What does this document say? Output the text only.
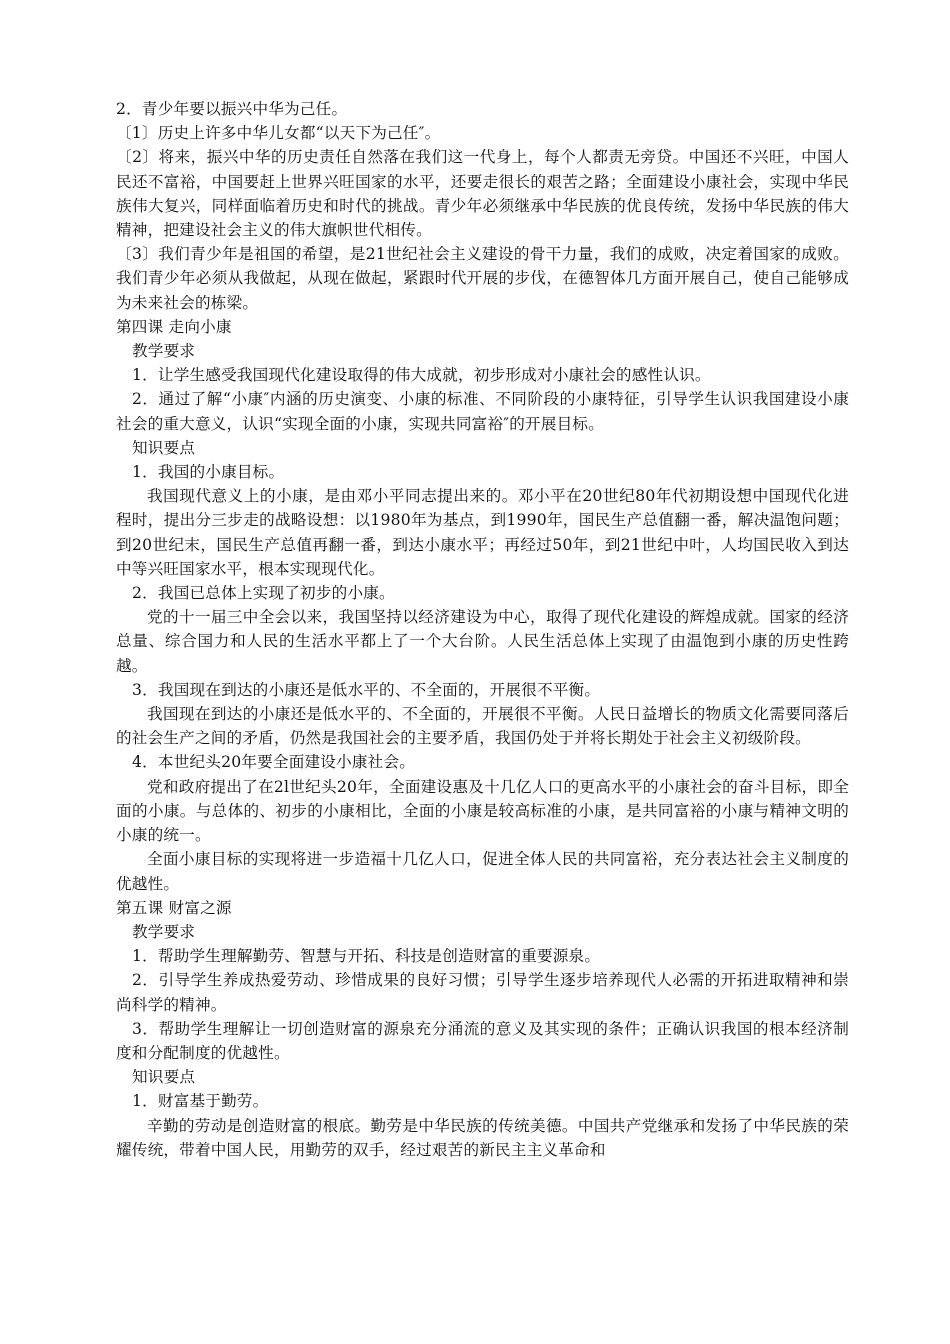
2．青少年要以振兴中华为己任。

〔1〕历史上许多中华儿女都“以天下为己任″。

〔2〕将来，振兴中华的历史责任自然落在我们这一代身上，每个人都责无旁贷。中国还不兴旺，中国人民还不富裕，中国要赶上世界兴旺国家的水平，还要走很长的艰苦之路；全面建设小康社会，实现中华民族伟大复兴，同样面临着历史和时代的挑战。青少年必须继承中华民族的优良传统，发扬中华民族的伟大精神，把建设社会主义的伟大旗帜世代相传。

〔3〕我们青少年是祖国的希望，是21世纪社会主义建设的骨干力量，我们的成败，决定着国家的成败。我们青少年必须从我做起，从现在做起，紧跟时代开展的步伐，在德智体几方面开展自己，使自己能够成为未来社会的栋梁。

第四课 走向小康

教学要求

1．让学生感受我国现代化建设取得的伟大成就，初步形成对小康社会的感性认识。

2．通过了解“小康″内涵的历史演变、小康的标准、不同阶段的小康特征，引导学生认识我国建设小康社会的重大意义，认识“实现全面的小康，实现共同富裕″的开展目标。

知识要点

1．我国的小康目标。

我国现代意义上的小康，是由邓小平同志提出来的。邓小平在20世纪80年代初期设想中国现代化进程时，提出分三步走的战略设想：以1980年为基点，到1990年，国民生产总值翻一番，解决温饱问题；到20世纪末，国民生产总值再翻一番，到达小康水平；再经过50年，到21世纪中叶，人均国民收入到达中等兴旺国家水平，根本实现现代化。

2．我国已总体上实现了初步的小康。

党的十一届三中全会以来，我国坚持以经济建设为中心，取得了现代化建设的辉煌成就。国家的经济总量、综合国力和人民的生活水平都上了一个大台阶。人民生活总体上实现了由温饱到小康的历史性跨越。

3．我国现在到达的小康还是低水平的、不全面的，开展很不平衡。

我国现在到达的小康还是低水平的、不全面的，开展很不平衡。人民日益增长的物质文化需要同落后的社会生产之间的矛盾，仍然是我国社会的主要矛盾，我国仍处于并将长期处于社会主义初级阶段。

4．本世纪头20年要全面建设小康社会。

党和政府提出了在2l世纪头20年，全面建设惠及十几亿人口的更高水平的小康社会的奋斗目标，即全面的小康。与总体的、初步的小康相比，全面的小康是较高标准的小康，是共同富裕的小康与精神文明的小康的统一。

全面小康目标的实现将进一步造福十几亿人口，促进全体人民的共同富裕，充分表达社会主义制度的优越性。

第五课 财富之源

教学要求

1．帮助学生理解勤劳、智慧与开拓、科技是创造财富的重要源泉。

2．引导学生养成热爱劳动、珍惜成果的良好习惯；引导学生逐步培养现代人必需的开拓进取精神和崇尚科学的精神。

3．帮助学生理解让一切创造财富的源泉充分涌流的意义及其实现的条件；正确认识我国的根本经济制度和分配制度的优越性。

知识要点

1．财富基于勤劳。

辛勤的劳动是创造财富的根底。勤劳是中华民族的传统美德。中国共产党继承和发扬了中华民族的荣耀传统，带着中国人民，用勤劳的双手，经过艰苦的新民主主义革命和
